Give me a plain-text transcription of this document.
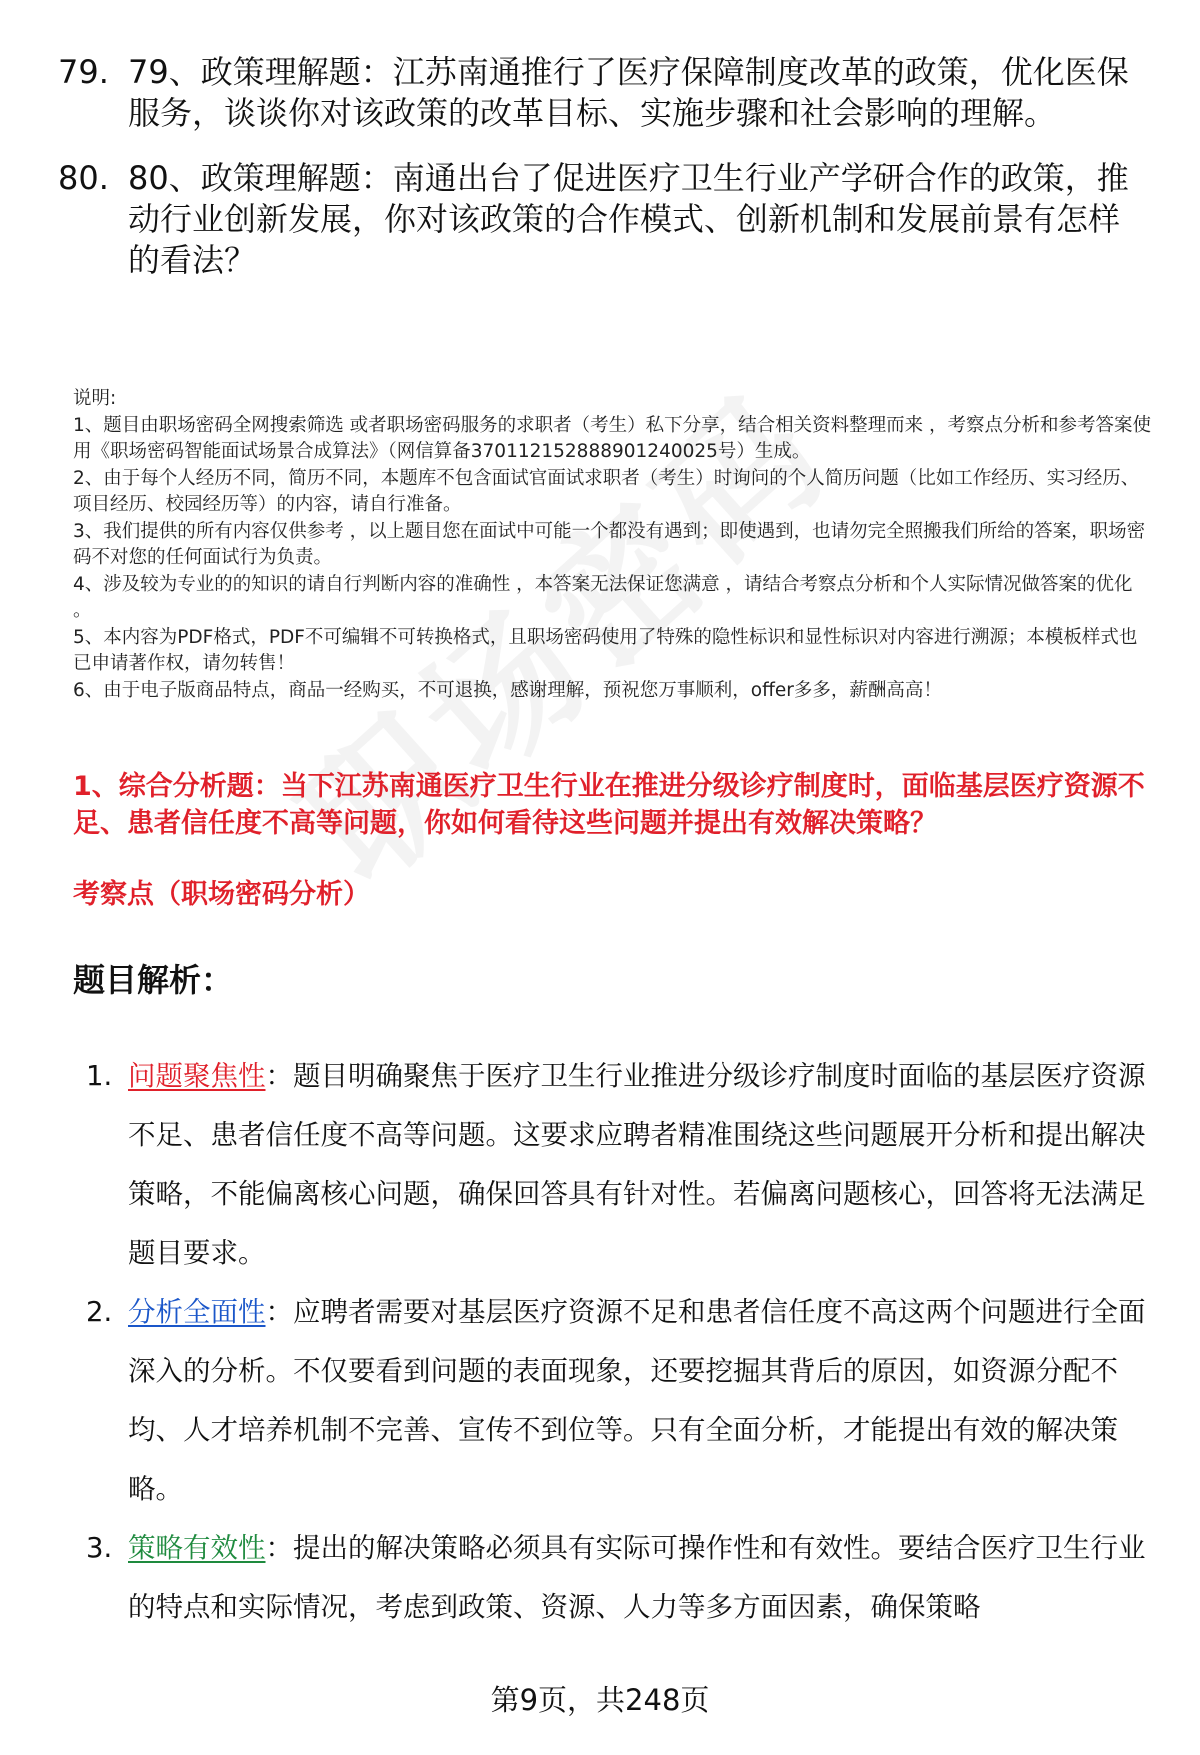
79. 79、政策理解题：江苏南通推行了医疗保障制度改革的政策，优化医保服务，谈谈你对该政策的改革目标、实施步骤和社会影响的理解。
80. 80、政策理解题：南通出台了促进医疗卫生行业产学研合作的政策，推动行业创新发展，你对该政策的合作模式、创新机制和发展前景有怎样的看法？

说明:

1、题目由职场密码全网搜索筛选 或者职场密码服务的求职者（考生）私下分享，结合相关资料整理而来 ，考察点分析和参考答案使用《职场密码智能面试场景合成算法》（网信算备370112152888901240025号）生成。

2、由于每个人经历不同，简历不同，本题库不包含面试官面试求职者（考生）时询问的个人简历问题（比如工作经历、实习经历、项目经历、校园经历等）的内容，请自行准备。

3、我们提供的所有内容仅供参考 ，以上题目您在面试中可能一个都没有遇到；即使遇到，也请勿完全照搬我们所给的答案，职场密码不对您的任何面试行为负责。

4、涉及较为专业的的知识的请自行判断内容的准确性 ，本答案无法保证您满意 ，请结合考察点分析和个人实际情况做答案的优化 。

5、本内容为PDF格式，PDF不可编辑不可转换格式，且职场密码使用了特殊的隐性标识和显性标识对内容进行溯源；本模板样式也已申请著作权，请勿转售！

6、由于电子版商品特点，商品一经购买，不可退换，感谢理解，预祝您万事顺利，offer多多，薪酬高高！

1、综合分析题：当下江苏南通医疗卫生行业在推进分级诊疗制度时，面临基层医疗资源不足、患者信任度不高等问题，你如何看待这些问题并提出有效解决策略？
考察点（职场密码分析）
题目解析：
1. 问题聚焦性：题目明确聚焦于医疗卫生行业推进分级诊疗制度时面临的基层医疗资源不足、患者信任度不高等问题。这要求应聘者精准围绕这些问题展开分析和提出解决策略，不能偏离核心问题，确保回答具有针对性。若偏离问题核心，回答将无法满足题目要求。
2. 分析全面性：应聘者需要对基层医疗资源不足和患者信任度不高这两个问题进行全面深入的分析。不仅要看到问题的表面现象，还要挖掘其背后的原因，如资源分配不均、人才培养机制不完善、宣传不到位等。只有全面分析，才能提出有效的解决策略。
3. 策略有效性：提出的解决策略必须具有实际可操作性和有效性。要结合医疗卫生行业的特点和实际情况，考虑到政策、资源、人力等多方面因素，确保策略
第9页，共248页
